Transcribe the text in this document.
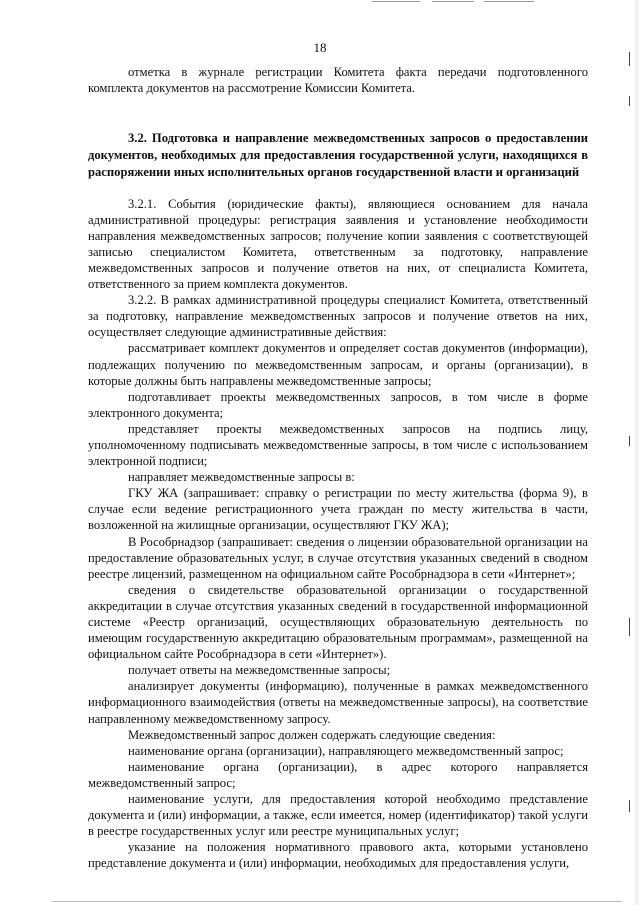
18

отметка в журнале регистрации Комитета факта передачи подготовленного комплекта документов на рассмотрение Комиссии Комитета.

3.2. Подготовка и направление межведомственных запросов о предоставлении документов, необходимых для предоставления государственной услуги, находящихся в распоряжении иных исполнительных органов государственной власти и организаций

3.2.1. События (юридические факты), являющиеся основанием для начала административной процедуры: регистрация заявления и установление необходимости направления межведомственных запросов; получение копии заявления с соответствующей записью специалистом Комитета, ответственным за подготовку, направление межведомственных запросов и получение ответов на них, от специалиста Комитета, ответственного за прием комплекта документов.

3.2.2. В рамках административной процедуры специалист Комитета, ответственный за подготовку, направление межведомственных запросов и получение ответов на них, осуществляет следующие административные действия:

рассматривает комплект документов и определяет состав документов (информации), подлежащих получению по межведомственным запросам, и органы (организации), в которые должны быть направлены межведомственные запросы;

подготавливает проекты межведомственных запросов, в том числе в форме электронного документа;

представляет проекты межведомственных запросов на подпись лицу, уполномоченному подписывать межведомственные запросы, в том числе с использованием электронной подписи;

направляет межведомственные запросы в:

ГКУ ЖА (запрашивает: справку о регистрации по месту жительства (форма 9), в случае если ведение регистрационного учета граждан по месту жительства в части, возложенной на жилищные организации, осуществляют ГКУ ЖА);

В Рособрнадзор (запрашивает: сведения о лицензии образовательной организации на предоставление образовательных услуг, в случае отсутствия указанных сведений в сводном реестре лицензий, размещенном на официальном сайте Рособрнадзора в сети «Интернет»;

сведения о свидетельстве образовательной организации о государственной аккредитации в случае отсутствия указанных сведений в государственной информационной системе «Реестр организаций, осуществляющих образовательную деятельность по имеющим государственную аккредитацию образовательным программам», размещенной на официальном сайте Рособрнадзора в сети «Интернет»).

получает ответы на межведомственные запросы;

анализирует документы (информацию), полученные в рамках межведомственного информационного взаимодействия (ответы на межведомственные запросы), на соответствие направленному межведомственному запросу.

Межведомственный запрос должен содержать следующие сведения:

наименование органа (организации), направляющего межведомственный запрос;

наименование органа (организации), в адрес которого направляется межведомственный запрос;

наименование услуги, для предоставления которой необходимо представление документа и (или) информации, а также, если имеется, номер (идентификатор) такой услуги в реестре государственных услуг или реестре муниципальных услуг;

указание на положения нормативного правового акта, которыми установлено представление документа и (или) информации, необходимых для предоставления услуги,
